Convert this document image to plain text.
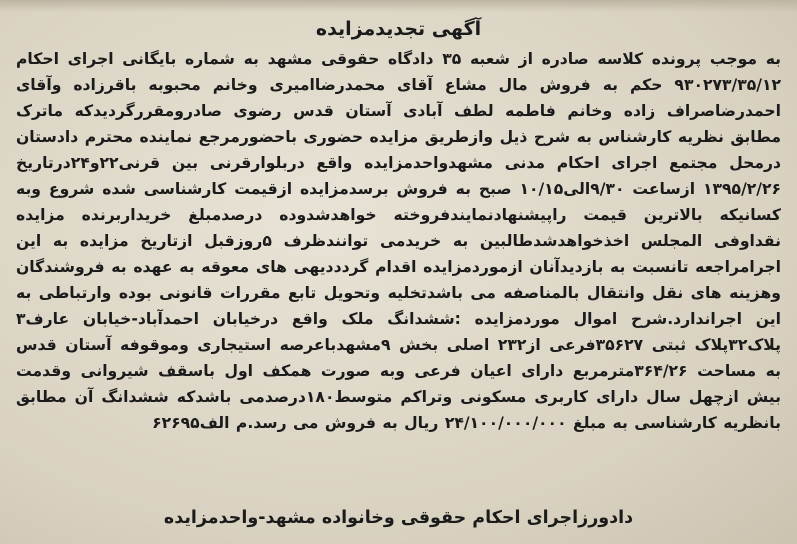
آگهی تجدیدمزایده
به موجب پرونده کلاسه صادره از شعبه ۳۵ دادگاه حقوقی مشهد به شماره بایگانی اجرای احکام ۹۳۰۲۷۳/۳۵/۱۲ حکم به فروش مال مشاع آقای محمدرضاامیری وخانم محبوبه باقرزاده وآقای احمدرضاصراف زاده وخانم فاطمه لطف آبادی آستان قدس رضوی صادرومقررگردیدکه ماترک مطابق نظریه کارشناس به شرح ذیل وازطریق مزایده حضوری باحضورمرجع نماینده محترم دادستان درمحل مجتمع اجرای احکام مدنی مشهدواحدمزایده واقع دربلوارقرنی بین قرنی۲۲و۲۴درتاریخ ۱۳۹۵/۲/۲۶ ازساعت ۹/۳۰الی۱۰/۱۵ صبح به فروش برسدمزایده ازقیمت کارشناسی شده شروع وبه کسانیکه بالاترین قیمت راپیشنهادنمایندفروخته خواهدشدوده درصدمبلغ خریداربرنده مزایده نقداوفی المجلس اخذخواهدشدطالبین به خریدمی توانندظرف ۵روزقبل ازتاریخ مزایده به این اجرامراجعه تانسبت به بازدیدآنان ازموردمزایده اقدام گردددیهی های معوقه به عهده به فروشندگان وهزینه های نقل وانتقال بالمناصفه می باشدتخلیه وتحویل تابع مقررات قانونی بوده وارتباطی به این اجراندارد.شرح اموال موردمزایده :ششدانگ ملک واقع درخیابان احمدآباد-خیابان عارف۳ پلاک۳۲پلاک ثبتی ۳۵۶۲۷فرعی از۲۳۲ اصلی بخش ۹مشهدباعرصه استیجاری وموقوفه آستان قدس به مساحت ۳۶۴/۲۶مترمربع دارای اعیان فرعی وبه صورت همکف اول باسقف شیروانی وقدمت بیش ازچهل سال دارای کاربری مسکونی وتراکم متوسط۱۸۰درصدمی باشدکه ششدانگ آن مطابق بانظریه کارشناسی به مبلغ ۲۴/۱۰۰/۰۰۰/۰۰۰ ریال به فروش می رسد.م الف۶۲۶۹۵
دادورزاجرای احکام حقوقی وخانواده مشهد-واحدمزایده
